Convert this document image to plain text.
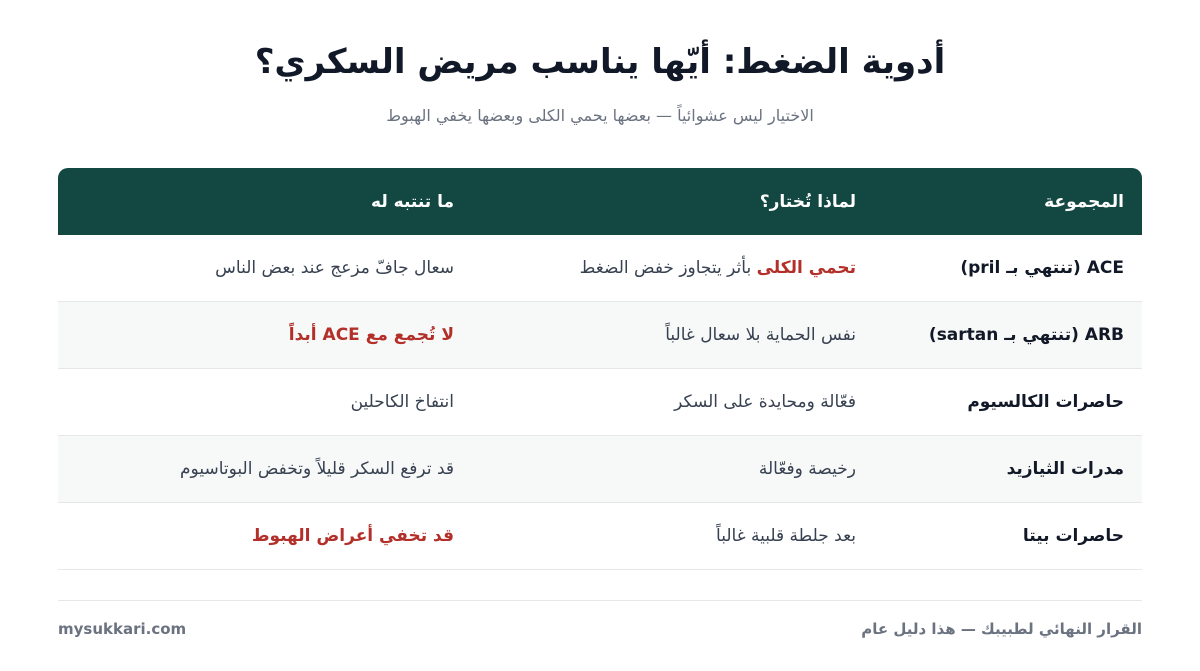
أدوية الضغط: أيّها يناسب مريض السكري؟

الاختيار ليس عشوائياً — بعضها يحمي الكلى وبعضها يخفي الهبوط

المجموعة
لماذا تُختار؟
ما تنتبه له
ACE (تنتهي بـ pril)
تحمي الكلى بأثر يتجاوز خفض الضغط
سعال جافّ مزعج عند بعض الناس
ARB (تنتهي بـ sartan)
نفس الحماية بلا سعال غالباً
لا تُجمع مع ACE أبداً
حاصرات الكالسيوم
فعّالة ومحايدة على السكر
انتفاخ الكاحلين
مدرات الثيازيد
رخيصة وفعّالة
قد ترفع السكر قليلاً وتخفض البوتاسيوم
حاصرات بيتا
بعد جلطة قلبية غالباً
قد تخفي أعراض الهبوط
القرار النهائي لطبيبك — هذا دليل عام
mysukkari.com
